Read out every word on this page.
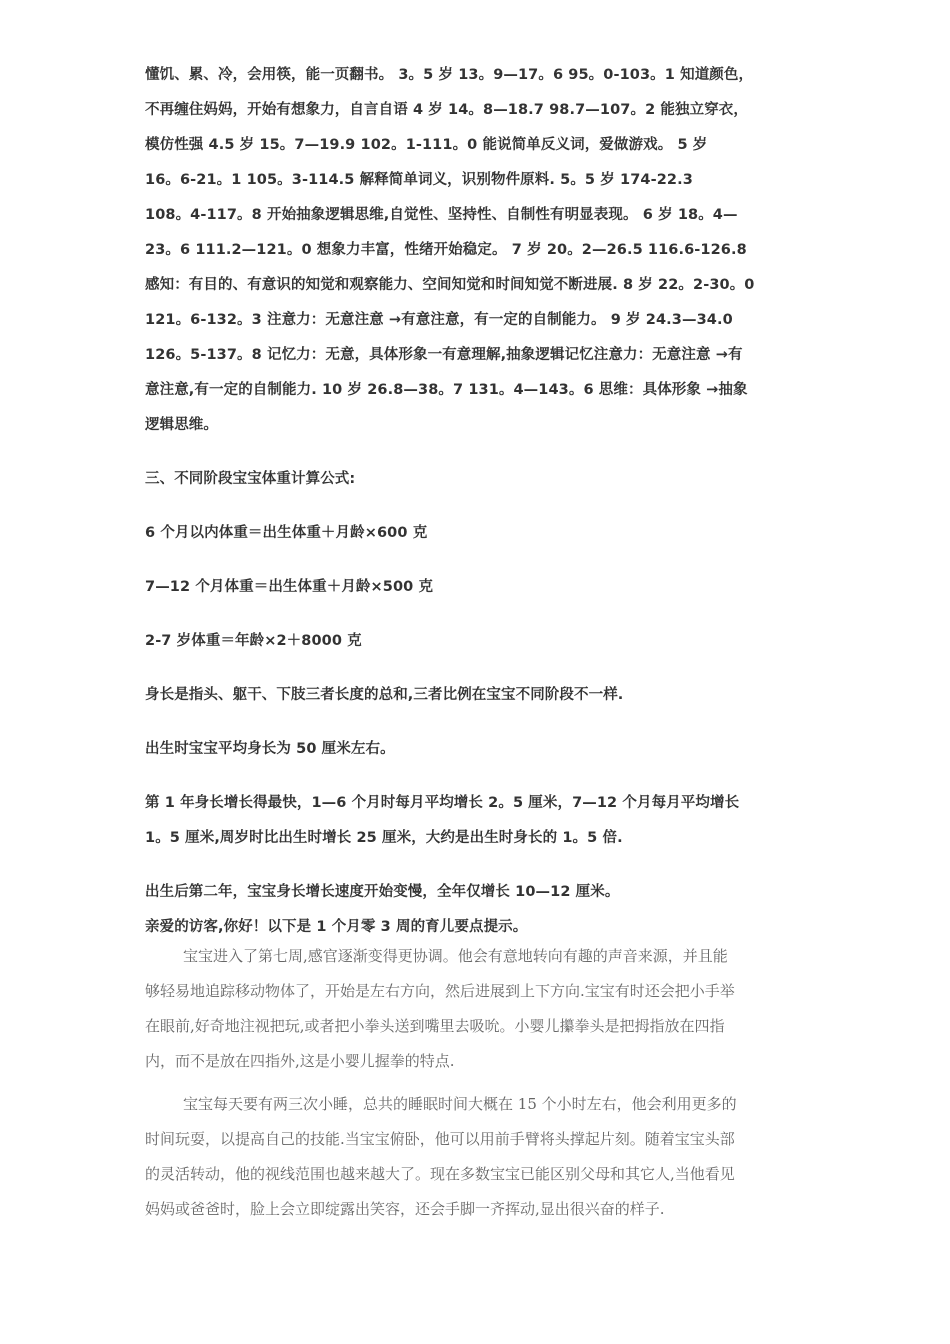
懂饥、累、冷，会用筷，能一页翻书。 3。5 岁 13。9—17。6 95。0-103。1 知道颜色，
不再缠住妈妈，开始有想象力，自言自语 4 岁 14。8—18.7 98.7—107。2 能独立穿衣，
模仿性强 4.5 岁 15。7—19.9 102。1-111。0 能说简单反义词，爱做游戏。 5 岁
16。6-21。1 105。3-114.5 解释简单词义，识别物件原料. 5。5 岁 174-22.3
108。4-117。8 开始抽象逻辑思维,自觉性、坚持性、自制性有明显表现。 6 岁 18。4—
23。6 111.2—121。0 想象力丰富，性绪开始稳定。 7 岁 20。2—26.5 116.6-126.8
感知：有目的、有意识的知觉和观察能力、空间知觉和时间知觉不断进展. 8 岁 22。2-30。0
121。6-132。3 注意力：无意注意 →有意注意，有一定的自制能力。 9 岁 24.3—34.0
126。5-137。8 记忆力：无意，具体形象一有意理解,抽象逻辑记忆注意力：无意注意 →有
意注意,有一定的自制能力. 10 岁 26.8—38。7 131。4—143。6 思维：具体形象 →抽象
逻辑思维。
三、不同阶段宝宝体重计算公式:
6 个月以内体重＝出生体重＋月龄×600 克
7—12 个月体重＝出生体重＋月龄×500 克
2-7 岁体重＝年龄×2＋8000 克
身长是指头、躯干、下肢三者长度的总和,三者比例在宝宝不同阶段不一样.
出生时宝宝平均身长为 50 厘米左右。
第 1 年身长增长得最快，1—6 个月时每月平均增长 2。5 厘米，7—12 个月每月平均增长
1。5 厘米,周岁时比出生时增长 25 厘米，大约是出生时身长的 1。5 倍.
出生后第二年，宝宝身长增长速度开始变慢，全年仅增长 10—12 厘米。
亲爱的访客,你好！以下是 1 个月零 3 周的育儿要点提示。
宝宝进入了第七周,感官逐渐变得更协调。他会有意地转向有趣的声音来源，并且能
够轻易地追踪移动物体了，开始是左右方向，然后进展到上下方向.宝宝有时还会把小手举
在眼前,好奇地注视把玩,或者把小拳头送到嘴里去吸吮。小婴儿攥拳头是把拇指放在四指
内，而不是放在四指外,这是小婴儿握拳的特点.
宝宝每天要有两三次小睡，总共的睡眠时间大概在 15 个小时左右，他会利用更多的
时间玩耍，以提高自己的技能.当宝宝俯卧，他可以用前手臂将头撑起片刻。随着宝宝头部
的灵活转动，他的视线范围也越来越大了。现在多数宝宝已能区别父母和其它人,当他看见
妈妈或爸爸时，脸上会立即绽露出笑容，还会手脚一齐挥动,显出很兴奋的样子.
